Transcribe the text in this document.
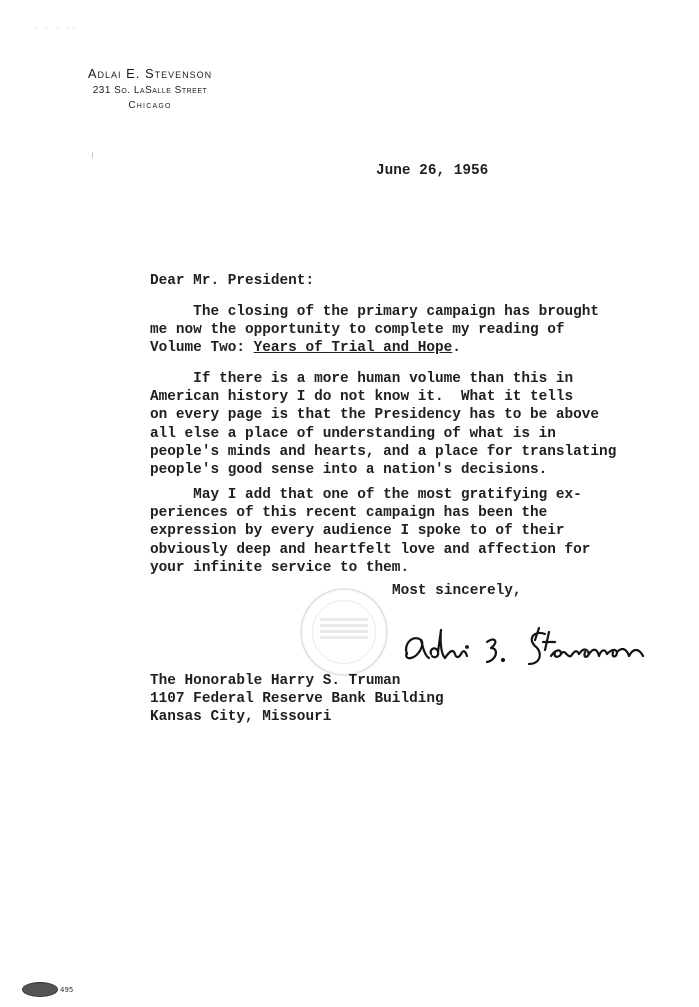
· · · ··
Adlai E. Stevenson
231 So. LaSalle Street
Chicago
June 26, 1956
Dear Mr. President:
The closing of the primary campaign has brought
me now the opportunity to complete my reading of
Volume Two: Years of Trial and Hope.
If there is a more human volume than this in
American history I do not know it.  What it tells
on every page is that the Presidency has to be above
all else a place of understanding of what is in
people's minds and hearts, and a place for translating
people's good sense into a nation's decisions.
May I add that one of the most gratifying ex-
periences of this recent campaign has been the
expression by every audience I spoke to of their
obviously deep and heartfelt love and affection for
your infinite service to them.
Most sincerely,
The Honorable Harry S. Truman
1107 Federal Reserve Bank Building
Kansas City, Missouri
495
